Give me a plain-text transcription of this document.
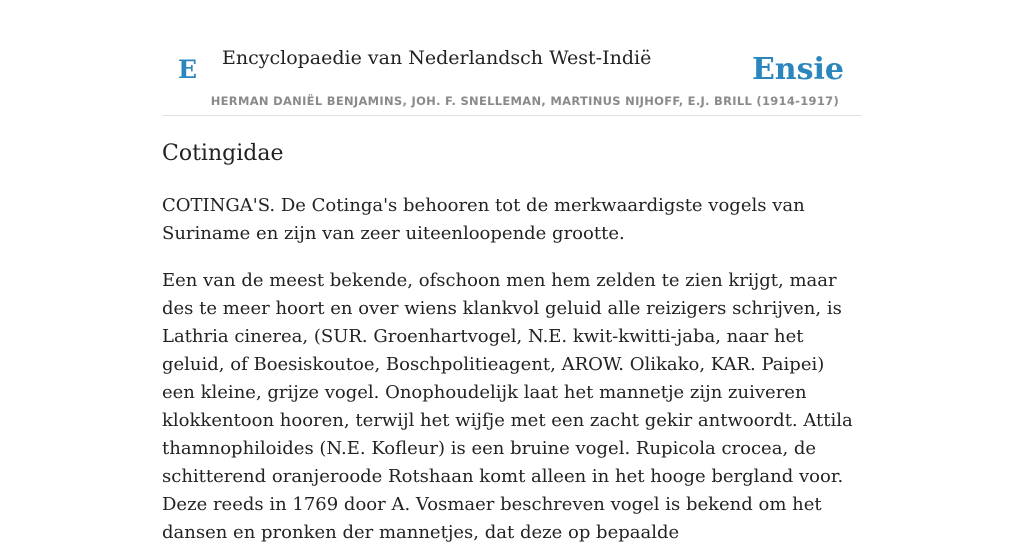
E Encyclopaedie van Nederlandsch West-Indië	Ensie
HERMAN DANIËL BENJAMINS, JOH. F. SNELLEMAN, MARTINUS NIJHOFF, E.J. BRILL (1914-1917)
Cotingidae

COTINGA'S. De Cotinga's behooren tot de merkwaardigste vogels van Suriname en zijn van zeer uiteenloopende grootte.

Een van de meest bekende, ofschoon men hem zelden te zien krijgt, maar des te meer hoort en over wiens klankvol geluid alle reizigers schrijven, is Lathria cinerea, (SUR. Groenhartvogel, N.E. kwit-kwitti-jaba, naar het geluid, of Boesiskoutoe, Boschpolitieagent, AROW. Olikako, KAR. Paipei) een kleine, grijze vogel. Onophoudelijk laat het mannetje zijn zuiveren klokkentoon hooren, terwijl het wijfje met een zacht gekir antwoordt. Attila thamnophiloides (N.E. Kofleur) is een bruine vogel. Rupicola crocea, de schitterend oranjeroode Rotshaan komt alleen in het hooge bergland voor. Deze reeds in 1769 door A. Vosmaer beschreven vogel is bekend om het dansen en pronken der mannetjes, dat deze op bepaalde
